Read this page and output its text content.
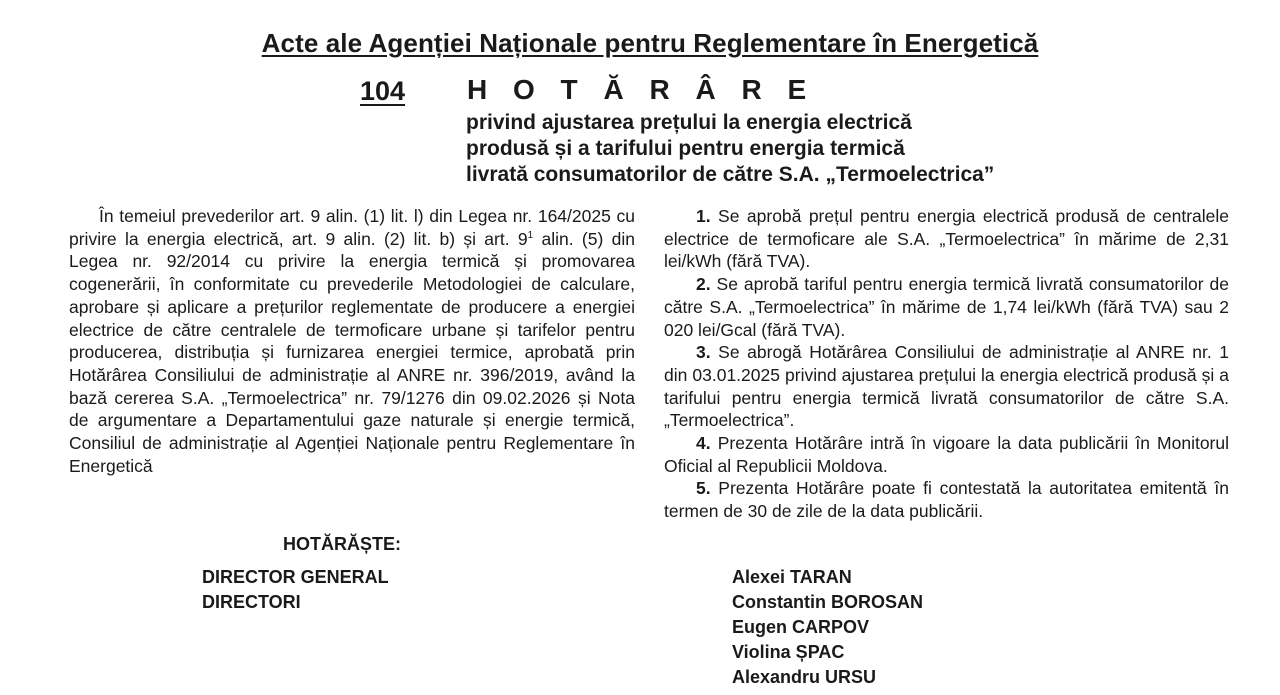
Acte ale Agenției Naționale pentru Reglementare în Energetică
104 H O T Ă R Â R E
privind ajustarea prețului la energia electrică
produsă și a tarifului pentru energia termică
livrată consumatorilor de către S.A. „Termoelectrica”

În temeiul prevederilor art. 9 alin. (1) lit. l) din Legea nr. 164/2025 cu privire la energia electrică, art. 9 alin. (2) lit. b) și art. $9^1$ alin. (5) din Legea nr. 92/2014 cu privire la energia termică și promovarea cogenerării, în conformitate cu prevederile Metodologiei de calculare, aprobare și aplicare a prețurilor reglementate de producere a energiei electrice de către centralele de termoficare urbane și tarifelor pentru producerea, distribuția și furnizarea energiei termice, aprobată prin Hotărârea Consiliului de administrație al ANRE nr. 396/2019, având la bază cererea S.A. „Termoelectrica” nr. 79/1276 din 09.02.2026 și Nota de argumentare a Departamentului gaze naturale și energie termică, Consiliul de administrație al Agenției Naționale pentru Reglementare în Energetică

HOTĂRĂȘTE:

1. Se aprobă prețul pentru energia electrică produsă de centralele electrice de termoficare ale S.A. „Termoelectrica” în mărime de 2,31 lei/kWh (fără TVA).

2. Se aprobă tariful pentru energia termică livrată consumatorilor de către S.A. „Termoelectrica” în mărime de 1,74 lei/kWh (fără TVA) sau 2 020 lei/Gcal (fără TVA).

3. Se abrogă Hotărârea Consiliului de administrație al ANRE nr. 1 din 03.01.2025 privind ajustarea prețului la energia electrică produsă și a tarifului pentru energia termică livrată consumatorilor de către S.A. „Termoelectrica”.

4. Prezenta Hotărâre intră în vigoare la data publicării în Monitorul Oficial al Republicii Moldova.

5. Prezenta Hotărâre poate fi contestată la autoritatea emitentă în termen de 30 de zile de la data publicării.

DIRECTOR GENERAL
DIRECTORI
Alexei TARAN
Constantin BOROSAN
Eugen CARPOV
Violina ȘPAC
Alexandru URSU
